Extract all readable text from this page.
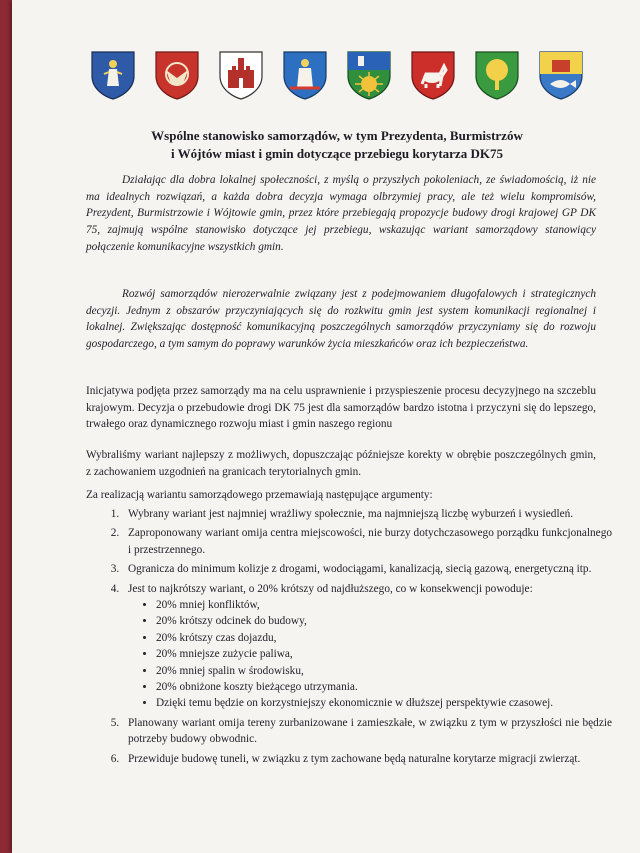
Wspólne stanowisko samorządów, w tym Prezydenta, Burmistrzów
i Wójtów miast i gmin dotyczące przebiegu korytarza DK75
Działając dla dobra lokalnej społeczności, z myślą o przyszłych pokoleniach, ze świadomością, iż nie ma idealnych rozwiązań, a każda dobra decyzja wymaga olbrzymiej pracy, ale też wielu kompromisów, Prezydent, Burmistrzowie i Wójtowie gmin, przez które przebiegają propozycje budowy drogi krajowej GP DK 75, zajmują wspólne stanowisko dotyczące jej przebiegu, wskazując wariant samorządowy stanowiący połączenie komunikacyjne wszystkich gmin.
Rozwój samorządów nierozerwalnie związany jest z podejmowaniem długofalowych i strategicznych decyzji. Jednym z obszarów przyczyniających się do rozkwitu gmin jest system komunikacji regionalnej i lokalnej. Zwiększając dostępność komunikacyjną poszczególnych samorządów przyczyniamy się do rozwoju gospodarczego, a tym samym do poprawy warunków życia mieszkańców oraz ich bezpieczeństwa.
Inicjatywa podjęta przez samorządy ma na celu usprawnienie i przyspieszenie procesu decyzyjnego na szczeblu krajowym. Decyzja o przebudowie drogi DK 75 jest dla samorządów bardzo istotna i przyczyni się do lepszego, trwałego oraz dynamicznego rozwoju miast i gmin naszego regionu
Wybraliśmy wariant najlepszy z możliwych, dopuszczając późniejsze korekty w obrębie poszczególnych gmin, z zachowaniem uzgodnień na granicach terytorialnych gmin.
Za realizacją wariantu samorządowego przemawiają następujące argumenty:
1. Wybrany wariant jest najmniej wrażliwy społecznie, ma najmniejszą liczbę wyburzeń i wysiedleń.
2. Zaproponowany wariant omija centra miejscowości, nie burzy dotychczasowego porządku funkcjonalnego i przestrzennego.
3. Ogranicza do minimum kolizje z drogami, wodociągami, kanalizacją, siecią gazową, energetyczną itp.
4. Jest to najkrótszy wariant, o 20% krótszy od najdłuższego, co w konsekwencji powoduje:
• 20% mniej konfliktów,
• 20% krótszy odcinek do budowy,
• 20% krótszy czas dojazdu,
• 20% mniejsze zużycie paliwa,
• 20% mniej spalin w środowisku,
• 20% obniżone koszty bieżącego utrzymania.
• Dzięki temu będzie on korzystniejszy ekonomicznie w dłuższej perspektywie czasowej.
5. Planowany wariant omija tereny zurbanizowane i zamieszkałe, w związku z tym w przyszłości nie będzie potrzeby budowy obwodnic.
6. Przewiduje budowę tuneli, w związku z tym zachowane będą naturalne korytarze migracji zwierząt.
